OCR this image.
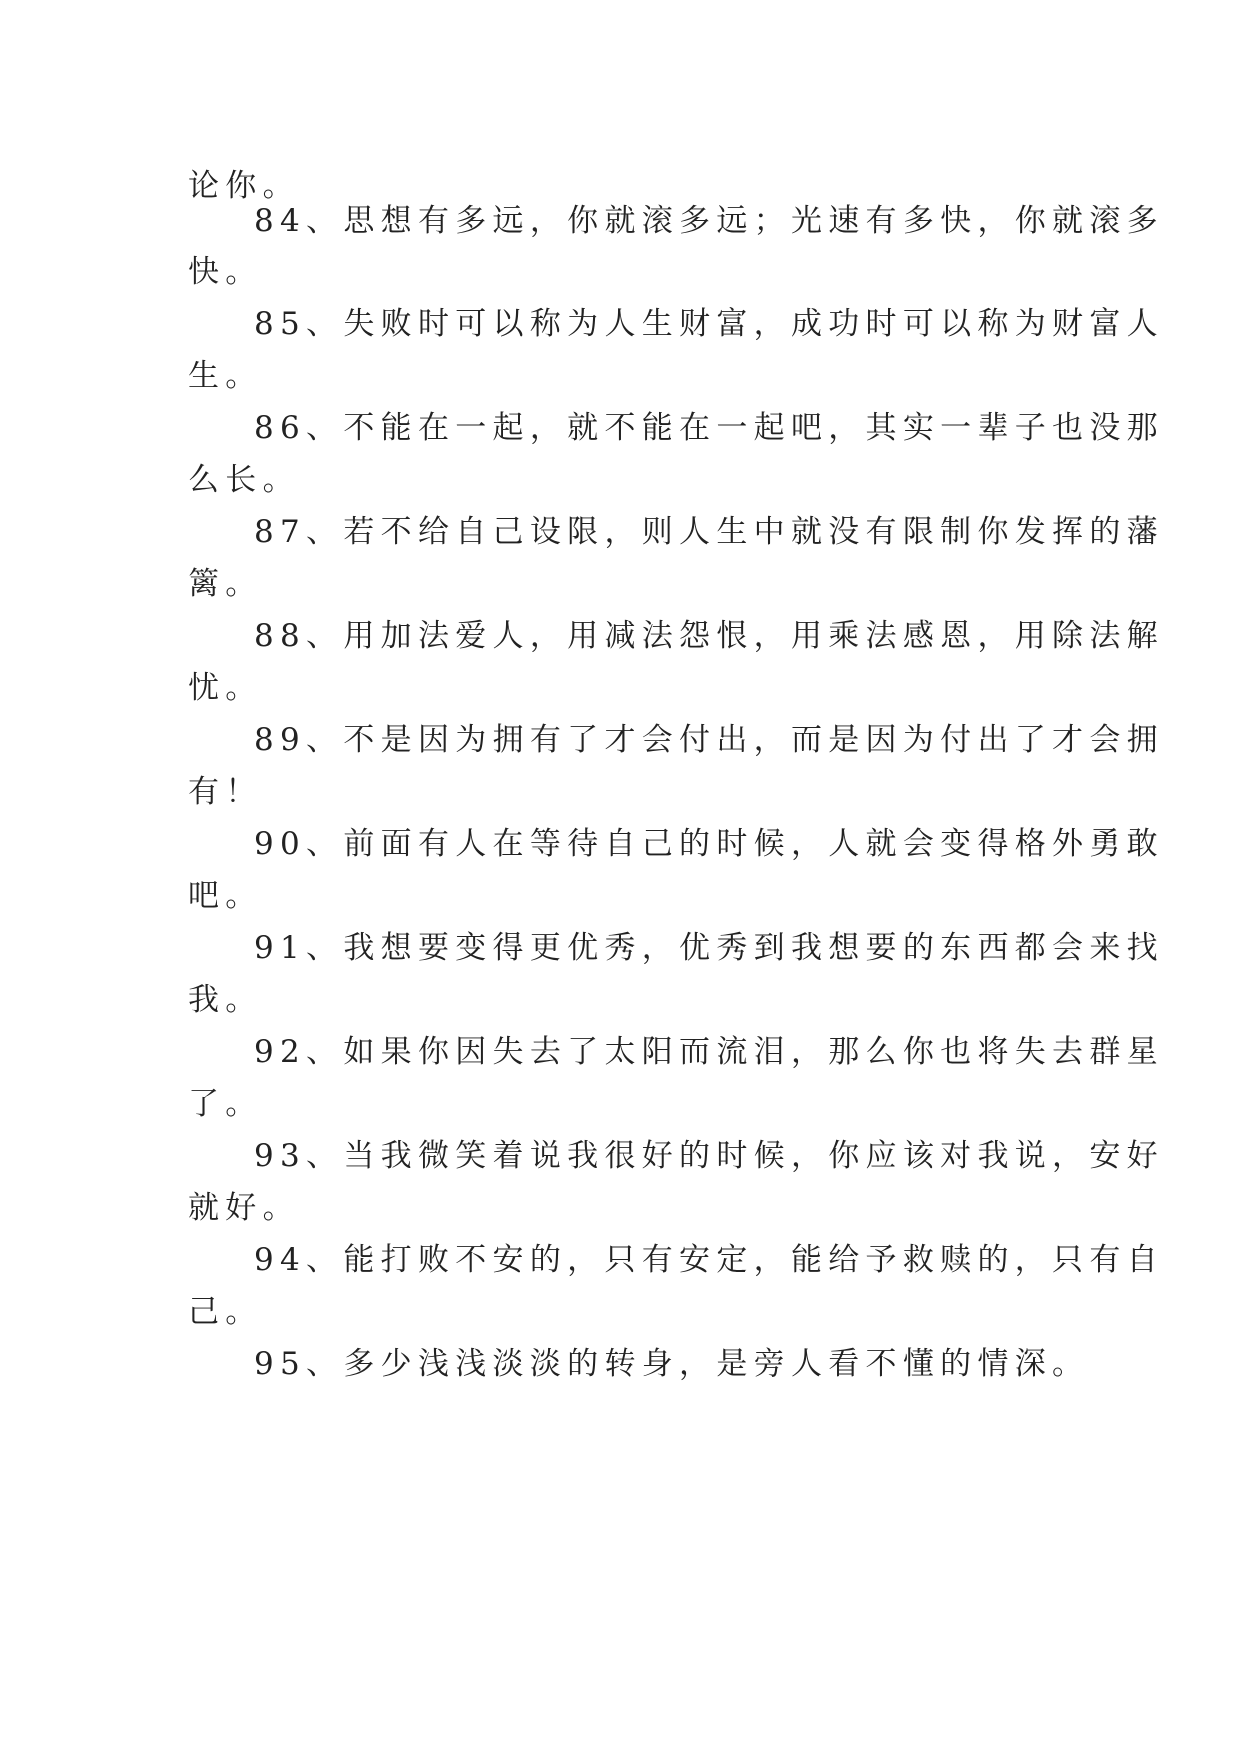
论你。
84、思想有多远，你就滚多远；光速有多快，你就滚多
快。
85、失败时可以称为人生财富，成功时可以称为财富人
生。
86、不能在一起，就不能在一起吧，其实一辈子也没那
么长。
87、若不给自己设限，则人生中就没有限制你发挥的藩
篱。
88、用加法爱人，用减法怨恨，用乘法感恩，用除法解
忧。
89、不是因为拥有了才会付出，而是因为付出了才会拥
有！
90、前面有人在等待自己的时候，人就会变得格外勇敢
吧。
91、我想要变得更优秀，优秀到我想要的东西都会来找
我。
92、如果你因失去了太阳而流泪，那么你也将失去群星
了。
93、当我微笑着说我很好的时候，你应该对我说，安好
就好。
94、能打败不安的，只有安定，能给予救赎的，只有自
己。
95、多少浅浅淡淡的转身，是旁人看不懂的情深。
